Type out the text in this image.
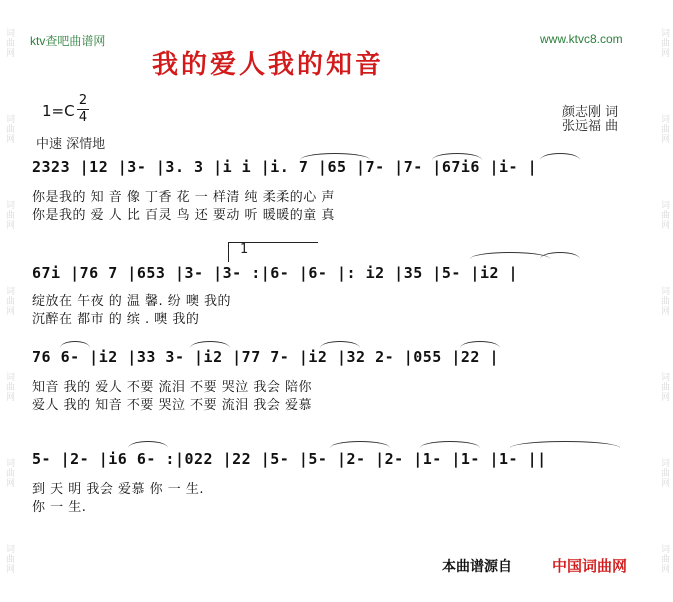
词曲网
词曲网
词曲网
词曲网
词曲网
词曲网
词曲网
词曲网
词曲网
词曲网
词曲网
词曲网
词曲网
词曲网
ktv查吧曲谱网	www.ktvc8.com
我的爱人我的知音
1=C
2
4
中速 深情地
颜志刚 词
张远福 曲
2323 |12 |3- |3. 3 |i i |i. 7 |65 |7- |7- |67i6 |i- |
你是我的 知 音 像 丁香 花 一 样清 纯 柔柔的心 声
你是我的 爱 人 比 百灵 鸟 还 要动 听 暖暖的童 真
1
67i |76 7 |653 |3- |3- :|6- |6- |: i2 |35 |5- |i2 |
绽放在 午夜 的 温 馨. 纷 噢 我的
沉醉在 都市 的 缤 . 噢 我的
76 6- |i2 |33 3- |i2 |77 7- |i2 |32 2- |055 |22 |
知音 我的 爱人 不要 流泪 不要 哭泣 我会 陪你
爱人 我的 知音 不要 哭泣 不要 流泪 我会 爱慕
5- |2- |i6 6- :|022 |22 |5- |5- |2- |2- |1- |1- |1- ||
到 天 明 我会 爱慕 你 一 生.
你 一 生.
本曲谱源自	中国词曲网
